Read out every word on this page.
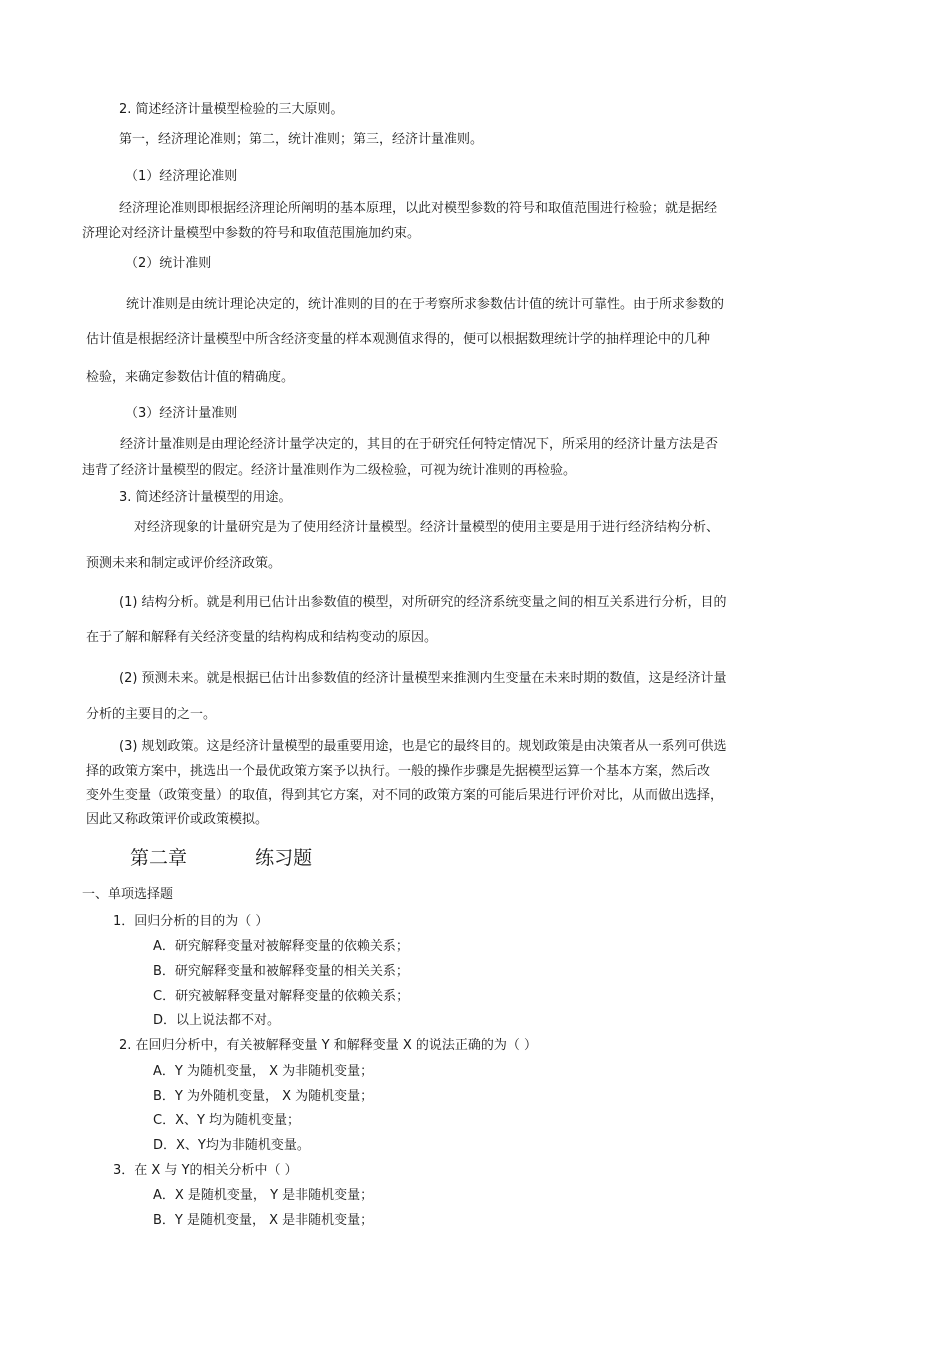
2. 简述经济计量模型检验的三大原则。
第一，经济理论准则；第二，统计准则；第三，经济计量准则。
（1）经济理论准则
经济理论准则即根据经济理论所阐明的基本原理，以此对模型参数的符号和取值范围进行检验；就是据经
济理论对经济计量模型中参数的符号和取值范围施加约束。
（2）统计准则
统计准则是由统计理论决定的，统计准则的目的在于考察所求参数估计值的统计可靠性。由于所求参数的
估计值是根据经济计量模型中所含经济变量的样本观测值求得的，便可以根据数理统计学的抽样理论中的几种
检验，来确定参数估计值的精确度。
（3）经济计量准则
经济计量准则是由理论经济计量学决定的，其目的在于研究任何特定情况下，所采用的经济计量方法是否
违背了经济计量模型的假定。经济计量准则作为二级检验，可视为统计准则的再检验。
3. 简述经济计量模型的用途。
对经济现象的计量研究是为了使用经济计量模型。经济计量模型的使用主要是用于进行经济结构分析、
预测未来和制定或评价经济政策。
(1) 结构分析。就是利用已估计出参数值的模型，对所研究的经济系统变量之间的相互关系进行分析，目的
在于了解和解释有关经济变量的结构构成和结构变动的原因。
(2) 预测未来。就是根据已估计出参数值的经济计量模型来推测内生变量在未来时期的数值，这是经济计量
分析的主要目的之一。
(3) 规划政策。这是经济计量模型的最重要用途，也是它的最终目的。规划政策是由决策者从一系列可供选
择的政策方案中，挑选出一个最优政策方案予以执行。一般的操作步骤是先据模型运算一个基本方案，然后改
变外生变量（政策变量）的取值，得到其它方案，对不同的政策方案的可能后果进行评价对比，从而做出选择，
因此又称政策评价或政策模拟。
第二章	练习题
一、单项选择题
1．回归分析的目的为（ ）
A．研究解释变量对被解释变量的依赖关系；
B．研究解释变量和被解释变量的相关关系；
C．研究被解释变量对解释变量的依赖关系；
D．以上说法都不对。
2. 在回归分析中，有关被解释变量 Y 和解释变量 X 的说法正确的为（ ）
A．Y 为随机变量， X 为非随机变量；
B．Y 为外随机变量， X 为随机变量；
C．X、Y 均为随机变量；
D．X、Y均为非随机变量。
3．在 X 与 Y的相关分析中（ ）
A．X 是随机变量， Y 是非随机变量；
B．Y 是随机变量， X 是非随机变量；
